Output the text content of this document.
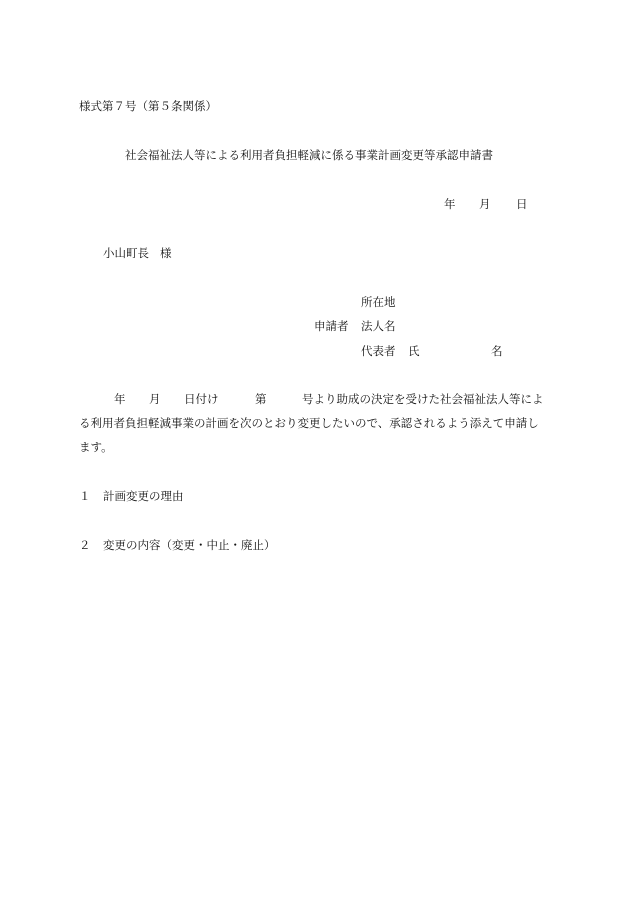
様式第７号（第５条関係）
社会福祉法人等による利用者負担軽減に係る事業計画変更等承認申請書
年 月 日
小山町長 様
所在地
申請者 法人名
代表者 氏	名
年 月 日付け	第	号より助成の決定を受けた社会福祉法人等によ
る利用者負担軽減事業の計画を次のとおり変更したいので、承認されるよう添えて申請し
ます。
１ 計画変更の理由
２ 変更の内容（変更・中止・廃止）
